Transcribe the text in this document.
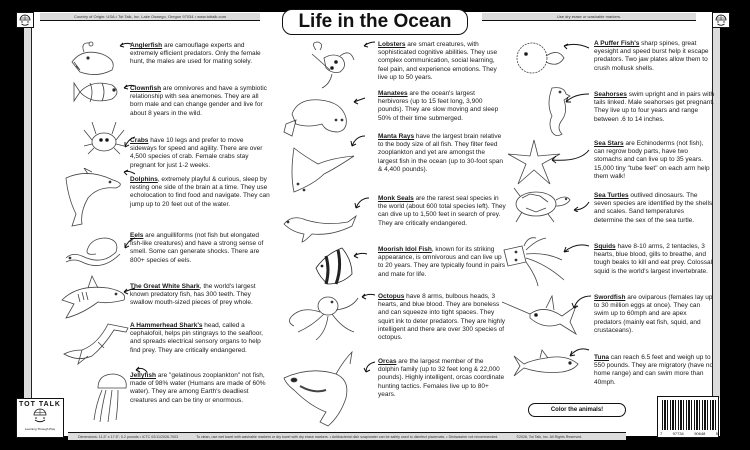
Country of Origin: USA • Tot Talk, Inc. Lake Oswego, Oregon 97034 • www.tottalk.com	Use dry erase or washable markers.
Life in the Ocean
Anglerfish are camouflage experts and extremely efficient predators. Only the female hunt, the males are used for mating solely.
Clownfish are omnivores and have a symbiotic relationship with sea anemones. They are all born male and can change gender and live for about 8 years in the wild.
Crabs have 10 legs and prefer to move sideways for speed and agility. There are over 4,500 species of crab. Female crabs stay pregnant for just 1-2 weeks.
Dolphins, extremely playful & curious, sleep by resting one side of the brain at a time. They use echolocation to find food and navigate. They can jump up to 20 feet out of the water.
Eels are anguilliforms (not fish but elongated fish-like creatures) and have a strong sense of smell. Some can generate shocks. There are 800+ species of eels.
The Great White Shark, the world's largest known predatory fish, has 300 teeth. They swallow mouth-sized pieces of prey whole.
A Hammerhead Shark's head, called a cephalofoil, helps pin stingrays to the seafloor, and spreads electrical sensory organs to help find prey. They are critically endangered.
Jellyfish are "gelatinous zooplankton" not fish, made of 98% water (Humans are made of 60% water). They are among Earth's deadliest creatures and can be tiny or enormous.
Lobsters are smart creatures, with sophisticated cognitive abilities. They use complex communication, social learning, feel pain, and experience emotions. They live up to 50 years.
Manatees are the ocean's largest herbivores (up to 15 feet long, 3,900 pounds). They are slow moving and sleep 50% of their time submerged.
Manta Rays have the largest brain relative to the body size of all fish. They filter feed zooplankton and yet are amongst the largest fish in the ocean (up to 30-foot span & 4,400 pounds).
Monk Seals are the rarest seal species in the world (about 600 total species left). They can dive up to 1,500 feet in search of prey. They are critically endangered.
Moorish Idol Fish, known for its striking appearance, is omnivorous and can live up to 20 years. They are typically found in pairs and mate for life.
Octopus have 8 arms, bulbous heads, 3 hearts, and blue blood. They are boneless and can squeeze into tight spaces. They squirt ink to deter predators. They are highly intelligent and there are over 300 species of octopus.
Orcas are the largest member of the dolphin family (up to 32 feet long & 22,000 pounds). Highly intelligent, orcas coordinate hunting tactics. Females live up to 80+ years.
A Puffer Fish's sharp spines, great eyesight and speed burst help it escape predators. Two jaw plates allow them to crush mollusk shells.
Seahorses swim upright and in pairs with tails linked. Male seahorses get pregnant. They live up to four years and range between .6 to 14 inches.
Sea Stars are Echinoderms (not fish), can regrow body parts, have two stomachs and can live up to 35 years. 15,000 tiny "tube feet" on each arm help them walk!
Sea Turtles outlived dinosaurs. The seven species are identified by the shells and scales. Sand temperatures determine the sex of the sea turtle.
Squids have 8-10 arms, 2 tentacles, 3 hearts, blue blood, gills to breathe, and tough beaks to kill and eat prey. Colossal squid is the world's largest invertebrate.
Swordfish are oviparous (females lay up to 30 million eggs at once). They can swim up to 60mph and are apex predators (mainly eat fish, squid, and crustaceans).
Tuna can reach 6.5 feet and weigh up to 550 pounds. They are migratory (have no home range) and can swim more than 40mph.
Color the animals!
TOT TALK
Learning Through Play
Dimensions: 11.5" x 17.5"; 0.2 pounds • ICTC 02/11/2026-7003	To clean, use wet towel with washable markers or dry towel with dry erase markers. • Antibacterial dish soap/water can be safely used to disinfect placemats. • Dishwasher not recommended.	©2026, Tot Talk, Inc. All Rights Reserved.
7	97734	90648	5
